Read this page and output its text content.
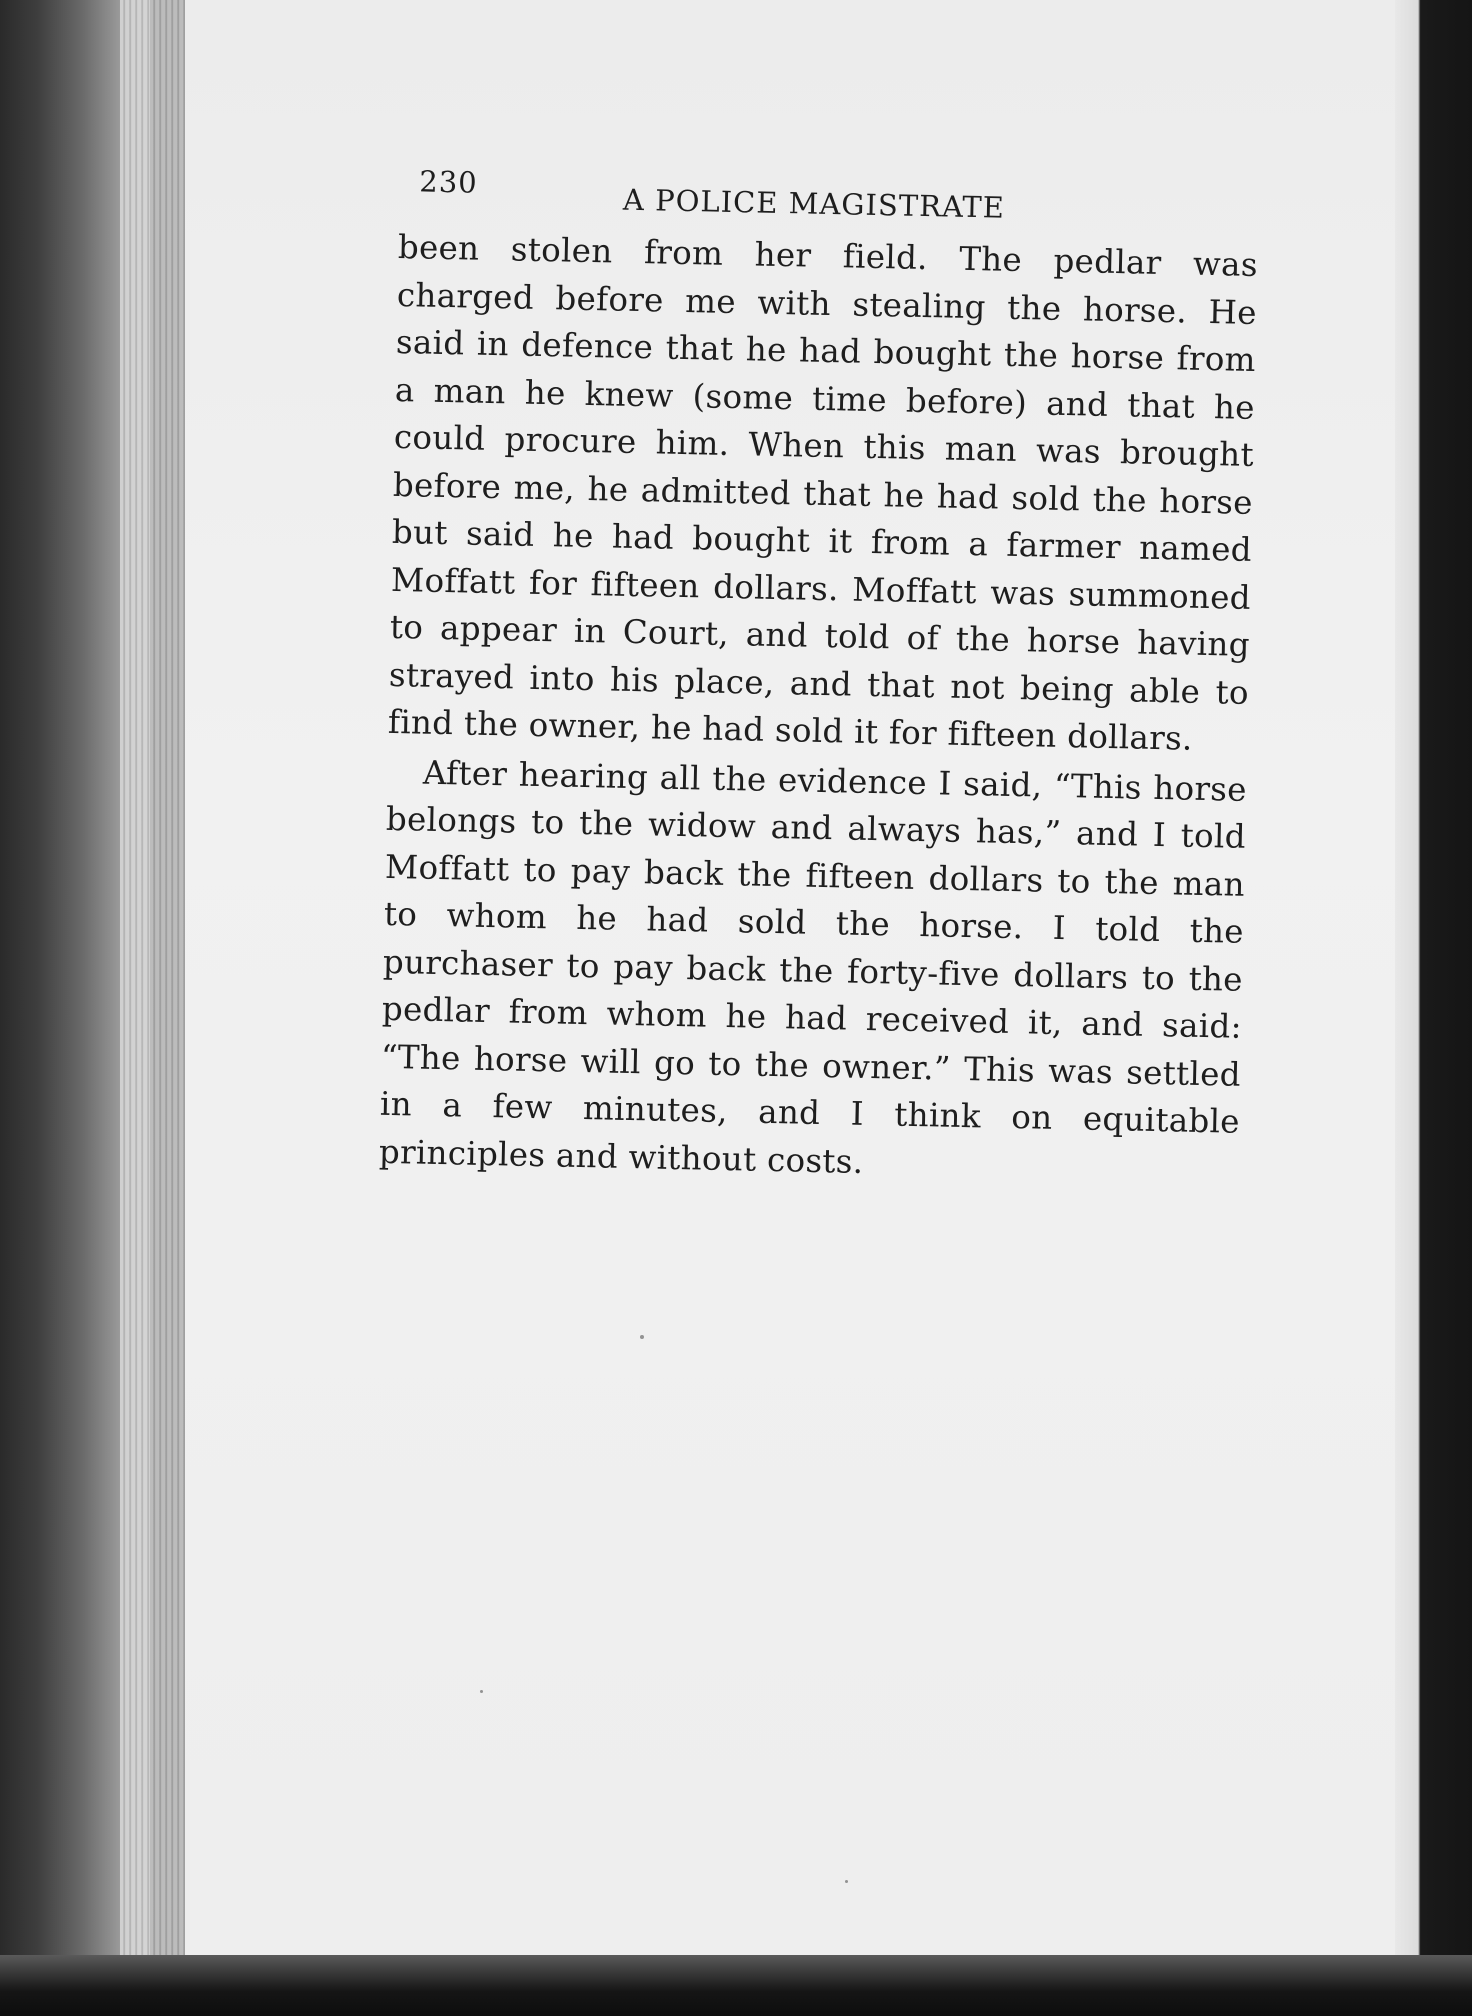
230
A POLICE MAGISTRATE

been stolen from her field. The pedlar was charged before me with stealing the horse. He said in defence that he had bought the horse from a man he knew (some time before) and that he could procure him. When this man was brought before me, he admitted that he had sold the horse but said he had bought it from a farmer named Moffatt for fifteen dollars. Moffatt was summoned to appear in Court, and told of the horse having strayed into his place, and that not being able to find the owner, he had sold it for fifteen dollars.

After hearing all the evidence I said, “This horse belongs to the widow and always has,” and I told Moffatt to pay back the fifteen dollars to the man to whom he had sold the horse. I told the purchaser to pay back the forty-five dollars to the pedlar from whom he had received it, and said: “The horse will go to the owner.” This was settled in a few minutes, and I think on equitable principles and without costs.
